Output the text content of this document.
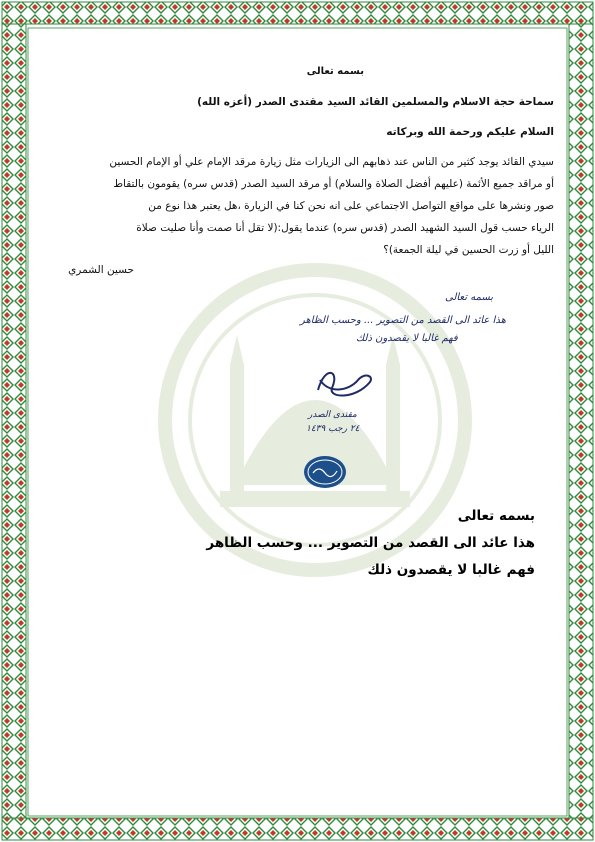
بسمه تعالى
سماحة حجة الاسلام والمسلمين القائد السيد مقتدى الصدر (أعزه الله)
السلام عليكم ورحمة الله وبركاته
سيدي القائد يوجد كثير من الناس عند ذهابهم الى الزيارات مثل زيارة مرقد الإمام علي أو الإمام الحسين
أو مراقد جميع الأئمة (عليهم أفضل الصلاة والسلام) أو مرقد السيد الصدر (قدس سره) يقومون بالتقاط
صور ونشرها على مواقع التواصل الاجتماعي على انه نحن كنا في الزيارة ،هل يعتبر هذا نوع من
الرياء حسب قول السيد الشهيد الصدر (قدس سره) عندما يقول:(لا تقل أنا صمت وأنا صليت صلاة
الليل أو زرت الحسين في ليلة الجمعة)؟
حسين الشمري
بسمه تعالى
هذا عائد الى القصد من التصوير ... وحسب الظاهر
فهم غالبا لا يقصدون ذلك
مقتدى الصدر
٢٤ رجب ١٤٣٩
بسمه تعالى
هذا عائد الى القصد من التصوير ... وحسب الظاهر
فهم غالبا لا يقصدون ذلك
